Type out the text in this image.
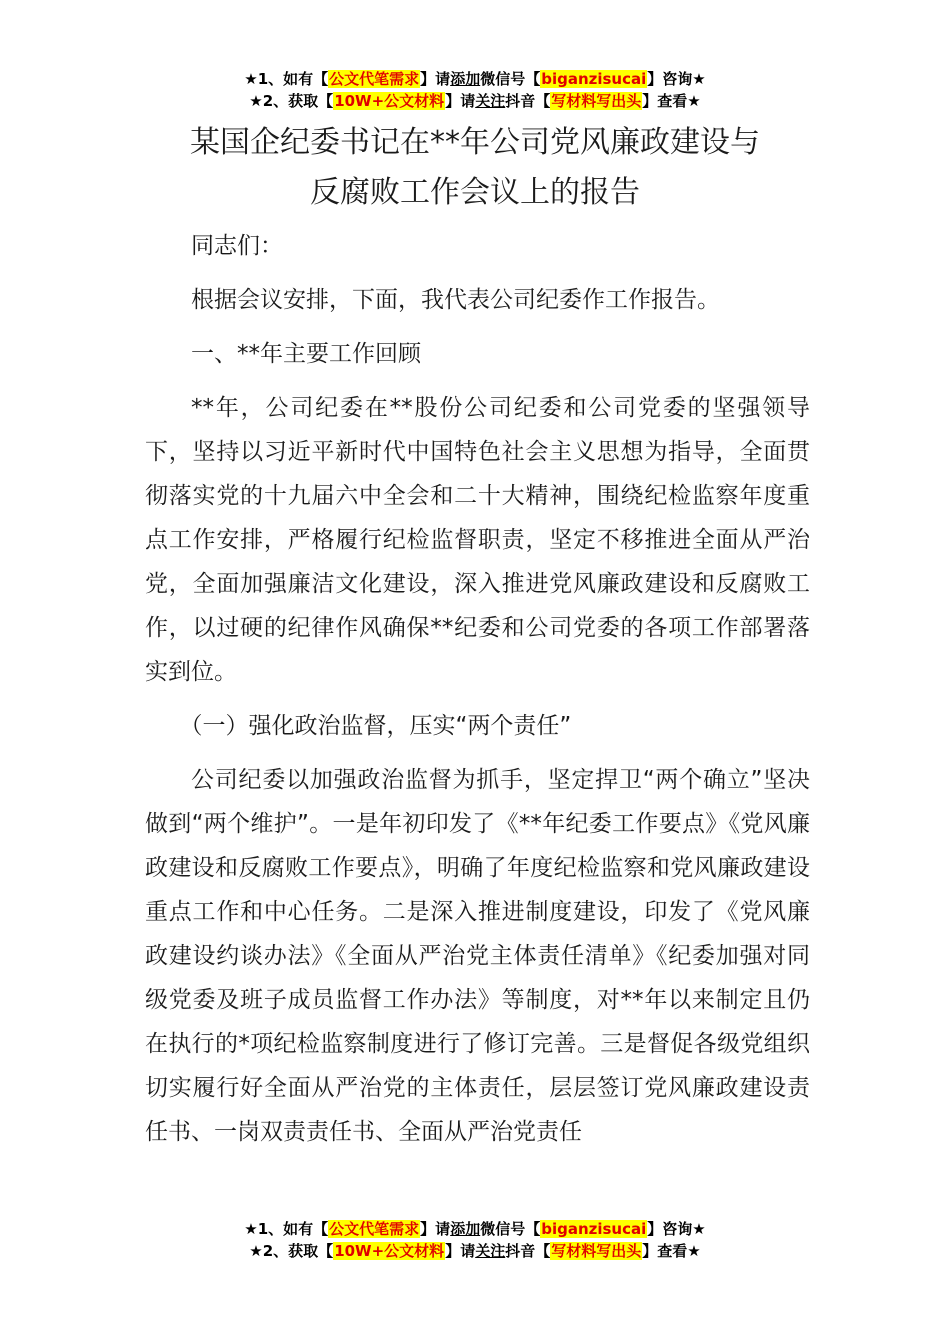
★1、如有【公文代笔需求】请添加微信号【biganzisucai】咨询★
★2、获取【10W+公文材料】请关注抖音【写材料写出头】查看★
某国企纪委书记在**年公司党风廉政建设与
反腐败工作会议上的报告

同志们：

根据会议安排，下面，我代表公司纪委作工作报告。

一、**年主要工作回顾

**年，公司纪委在**股份公司纪委和公司党委的坚强领导下，坚持以习近平新时代中国特色社会主义思想为指导，全面贯彻落实党的十九届六中全会和二十大精神，围绕纪检监察年度重点工作安排，严格履行纪检监督职责，坚定不移推进全面从严治党，全面加强廉洁文化建设，深入推进党风廉政建设和反腐败工作，以过硬的纪律作风确保**纪委和公司党委的各项工作部署落实到位。

（一）强化政治监督，压实“两个责任”

公司纪委以加强政治监督为抓手，坚定捍卫“两个确立”坚决做到“两个维护”。一是年初印发了《**年纪委工作要点》《党风廉政建设和反腐败工作要点》，明确了年度纪检监察和党风廉政建设重点工作和中心任务。二是深入推进制度建设，印发了《党风廉政建设约谈办法》《全面从严治党主体责任清单》《纪委加强对同级党委及班子成员监督工作办法》等制度，对**年以来制定且仍在执行的*项纪检监察制度进行了修订完善。三是督促各级党组织切实履行好全面从严治党的主体责任，层层签订党风廉政建设责任书、一岗双责责任书、全面从严治党责任

★1、如有【公文代笔需求】请添加微信号【biganzisucai】咨询★
★2、获取【10W+公文材料】请关注抖音【写材料写出头】查看★
